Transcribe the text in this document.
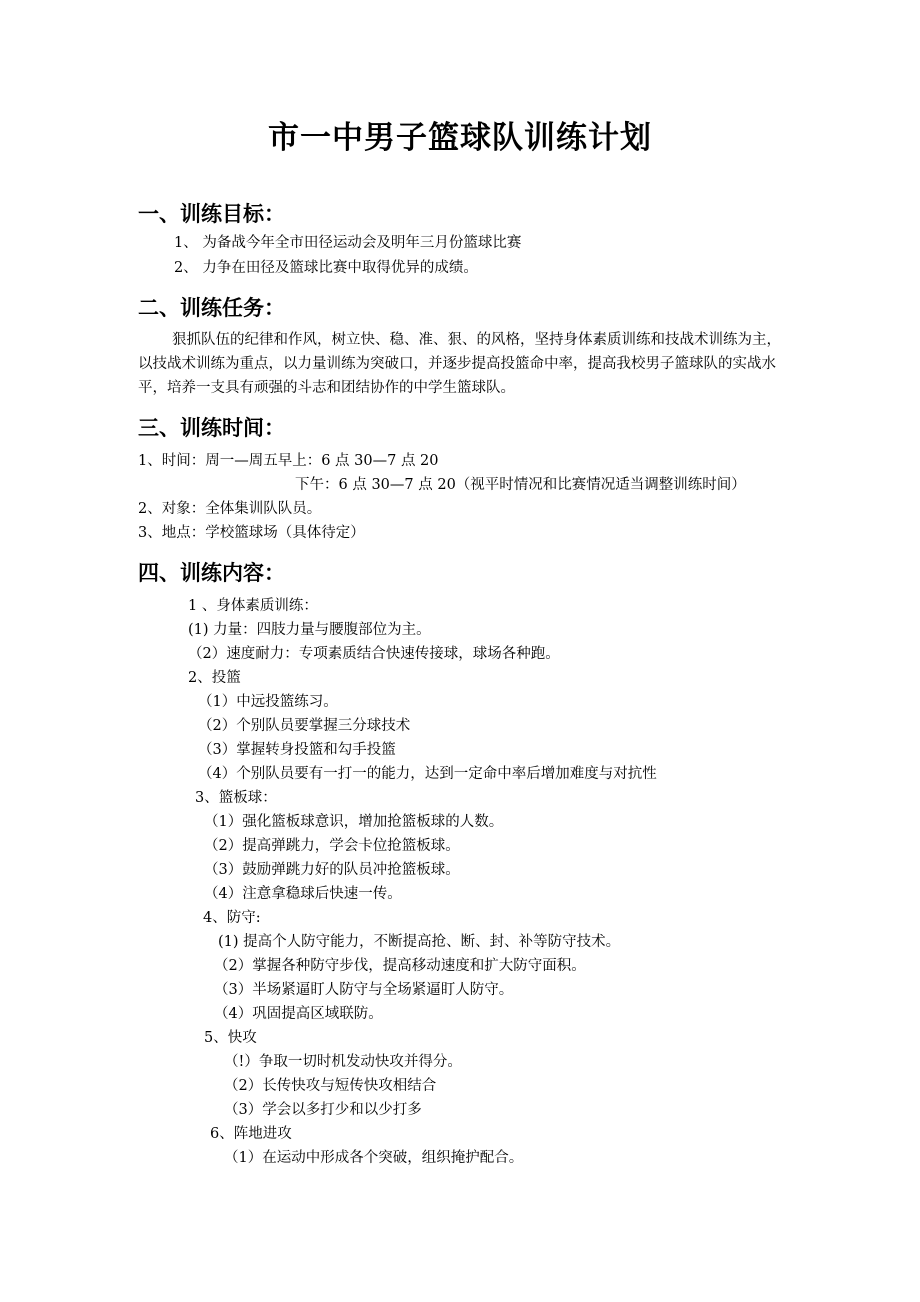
市一中男子篮球队训练计划
一、训练目标：

1、 为备战今年全市田径运动会及明年三月份篮球比赛

2、 力争在田径及篮球比赛中取得优异的成绩。

二、训练任务：

狠抓队伍的纪律和作风，树立快、稳、准、狠、的风格，坚持身体素质训练和技战术训练为主，以技战术训练为重点，以力量训练为突破口，并逐步提高投篮命中率，提高我校男子篮球队的实战水平，培养一支具有顽强的斗志和团结协作的中学生篮球队。

三、训练时间：

1、时间：周一—周五早上：6 点 30—7 点 20

下午：6 点 30—7 点 20（视平时情况和比赛情况适当调整训练时间）

2、对象：全体集训队队员。

3、地点：学校篮球场（具体待定）

四、训练内容：

1 、身体素质训练：

(1) 力量：四肢力量与腰腹部位为主。

（2）速度耐力：专项素质结合快速传接球，球场各种跑。

2、投篮

（1）中远投篮练习。

（2）个别队员要掌握三分球技术

（3）掌握转身投篮和勾手投篮

（4）个别队员要有一打一的能力，达到一定命中率后增加难度与对抗性

3、篮板球：

（1）强化篮板球意识，增加抢篮板球的人数。

（2）提高弹跳力，学会卡位抢篮板球。

（3）鼓励弹跳力好的队员冲抢篮板球。

（4）注意拿稳球后快速一传。

4、防守:

(1) 提高个人防守能力，不断提高抢、断、封、补等防守技术。

（2）掌握各种防守步伐，提高移动速度和扩大防守面积。

（3）半场紧逼盯人防守与全场紧逼盯人防守。

（4）巩固提高区域联防。

5、快攻

（!）争取一切时机发动快攻并得分。

（2）长传快攻与短传快攻相结合

（3）学会以多打少和以少打多

6、阵地进攻

（1）在运动中形成各个突破，组织掩护配合。
